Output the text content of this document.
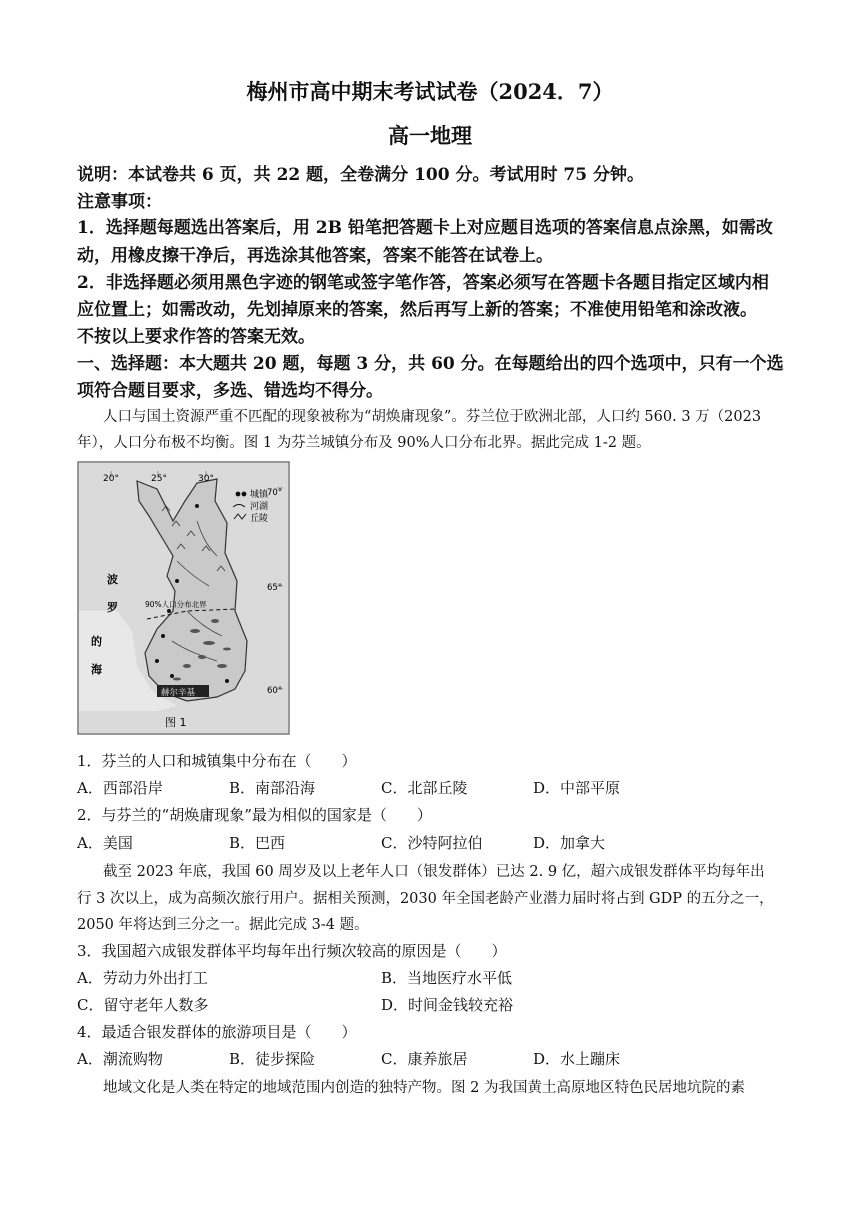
梅州市高中期末考试试卷（2024．7）
高一地理
说明：本试卷共 6 页，共 22 题，全卷满分 100 分。考试用时 75 分钟。
注意事项：
1．选择题每题选出答案后，用 2B 铅笔把答题卡上对应题目选项的答案信息点涂黑，如需改
动，用橡皮擦干净后，再选涂其他答案，答案不能答在试卷上。
2．非选择题必须用黑色字迹的钢笔或签字笔作答，答案必须写在答题卡各题目指定区域内相
应位置上；如需改动，先划掉原来的答案，然后再写上新的答案；不准使用铅笔和涂改液。
不按以上要求作答的答案无效。
一、选择题：本大题共 20 题，每题 3 分，共 60 分。在每题给出的四个选项中，只有一个选
项符合题目要求，多选、错选均不得分。
人口与国土资源严重不匹配的现象被称为“胡焕庸现象”。芬兰位于欧洲北部，人口约 560. 3 万（2023
年），人口分布极不均衡。图 1 为芬兰城镇分布及 90%人口分布北界。据此完成 1-2 题。
20°	25°	30°
70°
65°
60°
城镇
河湖
丘陵
波
罗
的
海
90%人口分布北界
赫尔辛基
图 1
1．芬兰的人口和城镇集中分布在（　　）
A．西部沿岸	B．南部沿海	C．北部丘陵	D．中部平原
2．与芬兰的“胡焕庸现象”最为相似的国家是（　　）
A．美国	B．巴西	C．沙特阿拉伯	D．加拿大
截至 2023 年底，我国 60 周岁及以上老年人口（银发群体）已达 2. 9 亿，超六成银发群体平均每年出
行 3 次以上，成为高频次旅行用户。据相关预测，2030 年全国老龄产业潜力届时将占到 GDP 的五分之一，
2050 年将达到三分之一。据此完成 3-4 题。
3．我国超六成银发群体平均每年出行频次较高的原因是（　　）
A．劳动力外出打工	B．当地医疗水平低
C．留守老年人数多	D．时间金钱较充裕
4．最适合银发群体的旅游项目是（　　）
A．潮流购物	B．徒步探险	C．康养旅居	D．水上蹦床
地域文化是人类在特定的地域范围内创造的独特产物。图 2 为我国黄土高原地区特色民居地坑院的素
